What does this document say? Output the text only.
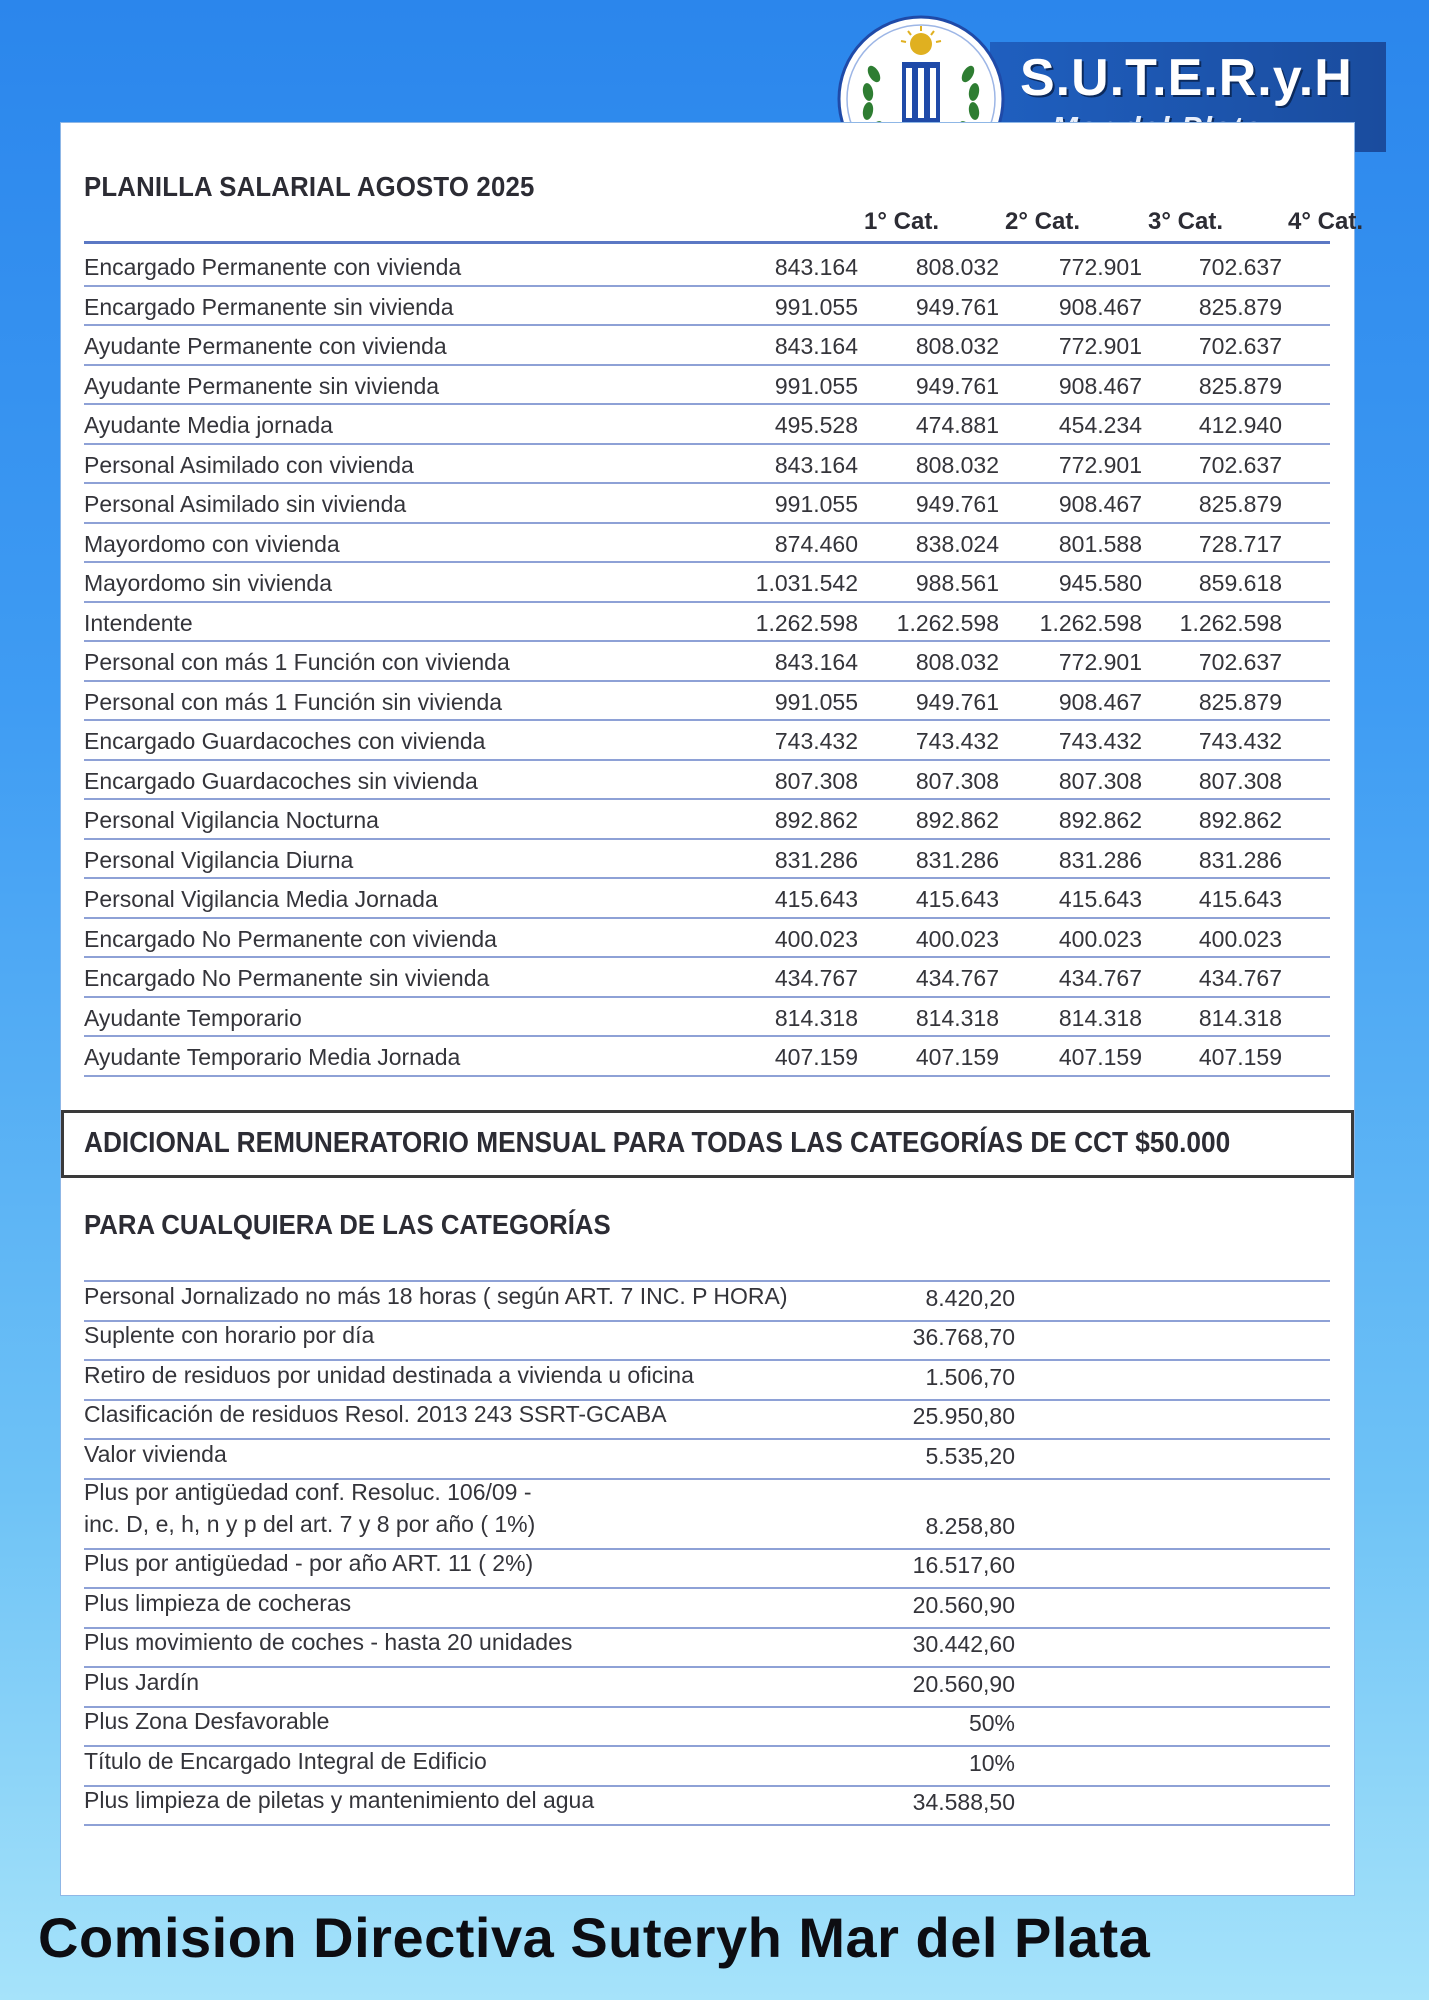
S.U.T.E.R.y.H
PLANILLA SALARIAL AGOSTO 2025
1° Cat.	2° Cat.	3° Cat.	4° Cat.
Encargado Permanente con vivienda	843.164	808.032	772.901	702.637
Encargado Permanente sin vivienda	991.055	949.761	908.467	825.879
Ayudante Permanente con vivienda	843.164	808.032	772.901	702.637
Ayudante Permanente sin vivienda	991.055	949.761	908.467	825.879
Ayudante Media jornada	495.528	474.881	454.234	412.940
Personal Asimilado con vivienda	843.164	808.032	772.901	702.637
Personal Asimilado sin vivienda	991.055	949.761	908.467	825.879
Mayordomo con vivienda	874.460	838.024	801.588	728.717
Mayordomo sin vivienda	1.031.542	988.561	945.580	859.618
Intendente	1.262.598	1.262.598	1.262.598	1.262.598
Personal con más 1 Función con vivienda	843.164	808.032	772.901	702.637
Personal con más 1 Función sin vivienda	991.055	949.761	908.467	825.879
Encargado Guardacoches con vivienda	743.432	743.432	743.432	743.432
Encargado Guardacoches sin vivienda	807.308	807.308	807.308	807.308
Personal Vigilancia Nocturna	892.862	892.862	892.862	892.862
Personal Vigilancia Diurna	831.286	831.286	831.286	831.286
Personal Vigilancia Media Jornada	415.643	415.643	415.643	415.643
Encargado No Permanente con vivienda	400.023	400.023	400.023	400.023
Encargado No Permanente sin vivienda	434.767	434.767	434.767	434.767
Ayudante Temporario	814.318	814.318	814.318	814.318
Ayudante Temporario Media Jornada	407.159	407.159	407.159	407.159
ADICIONAL REMUNERATORIO MENSUAL PARA TODAS LAS CATEGORÍAS DE CCT $50.000
PARA CUALQUIERA DE LAS CATEGORÍAS
Personal Jornalizado no más 18 horas ( según ART. 7 INC. P HORA)	8.420,20
Suplente con horario por día	36.768,70
Retiro de residuos por unidad destinada a vivienda u oficina	1.506,70
Clasificación de residuos Resol. 2013 243 SSRT-GCABA	25.950,80
Valor vivienda	5.535,20
Plus por antigüedad conf. Resoluc. 106/09 -
inc. D, e, h, n y p del art. 7 y 8 por año ( 1%)	8.258,80
Plus por antigüedad - por año ART. 11 ( 2%)	16.517,60
Plus limpieza de cocheras	20.560,90
Plus movimiento de coches - hasta 20 unidades	30.442,60
Plus Jardín	20.560,90
Plus Zona Desfavorable	50%
Título de Encargado Integral de Edificio	10%
Plus limpieza de piletas y mantenimiento del agua	34.588,50
Comision Directiva Suteryh Mar del Plata
